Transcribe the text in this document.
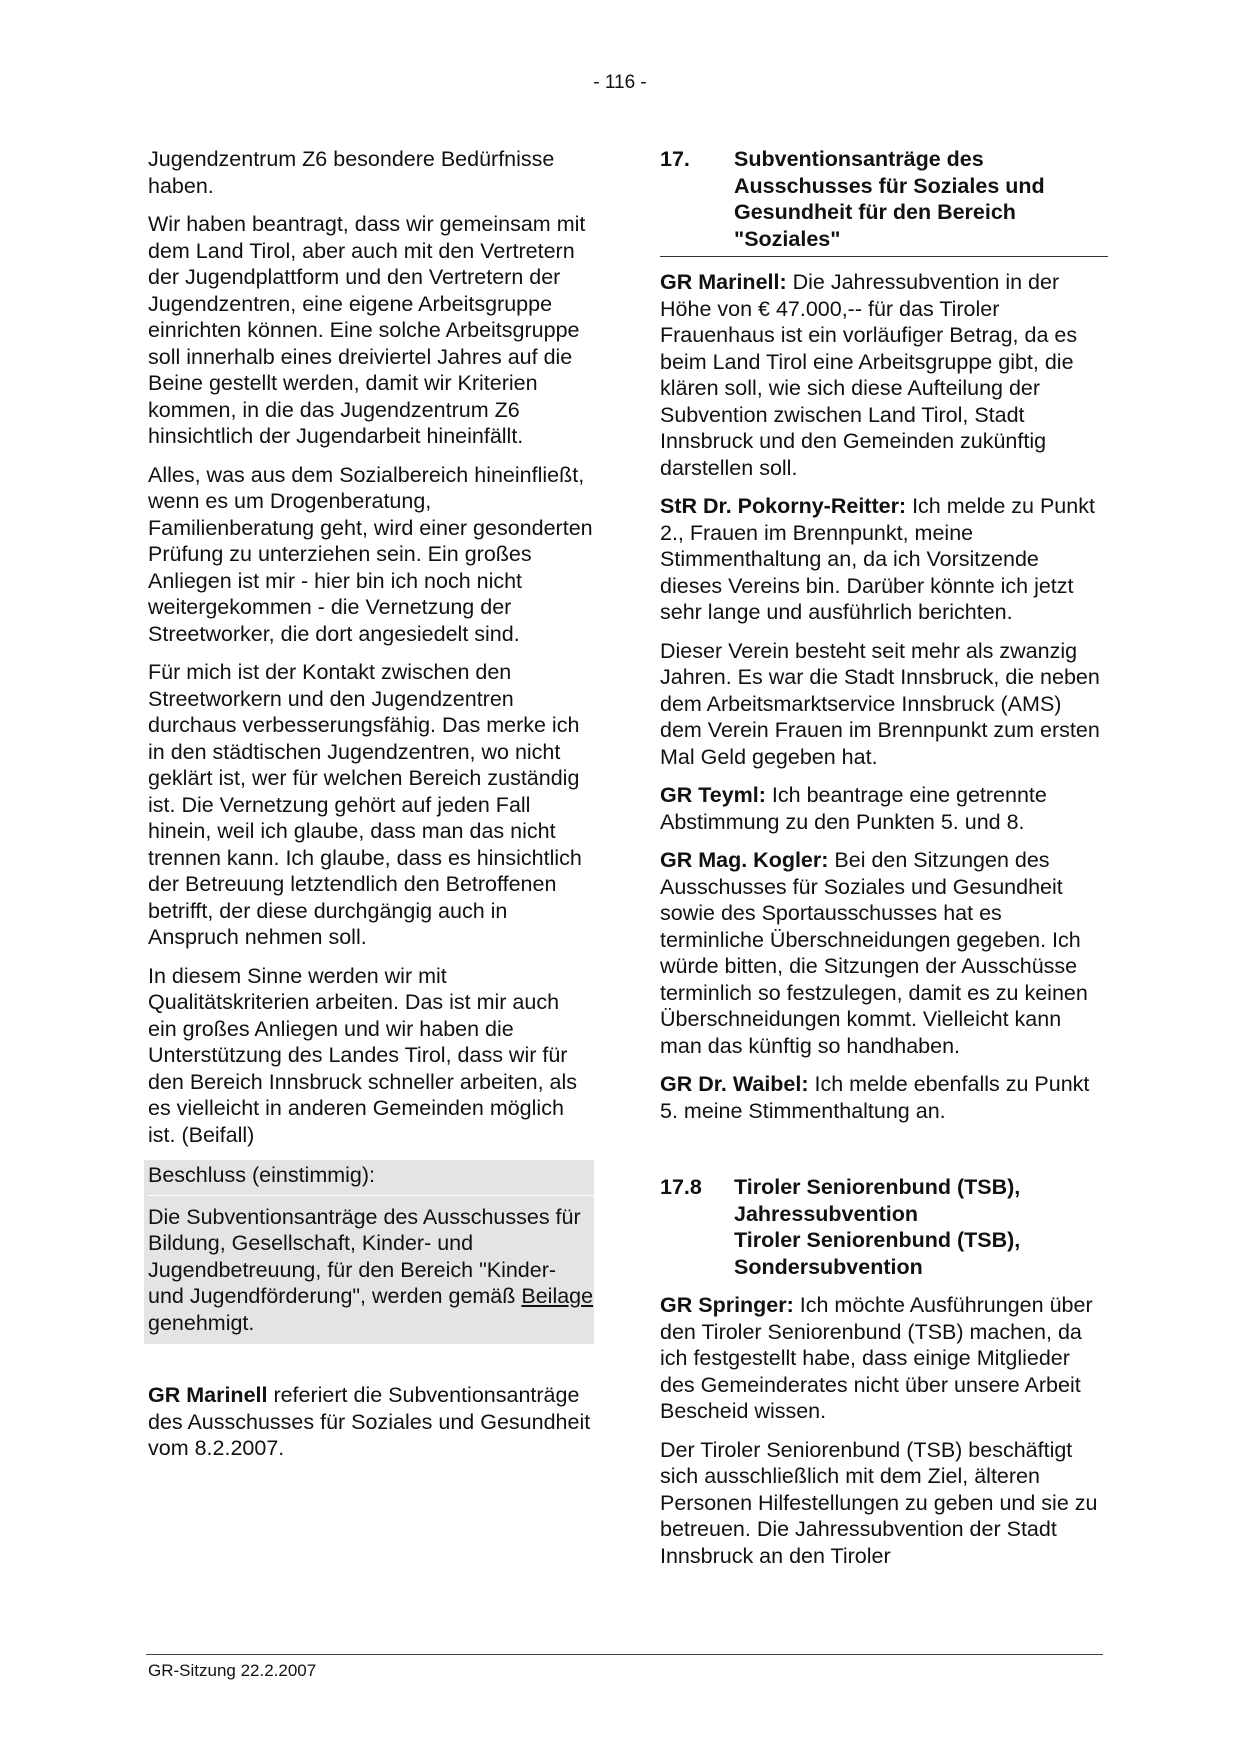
- 116 -

Jugendzentrum Z6 besondere Bedürfnisse haben.

Wir haben beantragt, dass wir gemeinsam mit dem Land Tirol, aber auch mit den Vertretern der Jugendplattform und den Vertretern der Jugendzentren, eine eigene Arbeitsgruppe einrichten können. Eine solche Arbeitsgruppe soll innerhalb eines dreiviertel Jahres auf die Beine gestellt werden, damit wir Kriterien kommen, in die das Jugendzentrum Z6 hinsichtlich der Jugendarbeit hineinfällt.

Alles, was aus dem Sozialbereich hineinfließt, wenn es um Drogenberatung, Familienberatung geht, wird einer gesonderten Prüfung zu unterziehen sein. Ein großes Anliegen ist mir - hier bin ich noch nicht weitergekommen - die Vernetzung der Streetworker, die dort angesiedelt sind.

Für mich ist der Kontakt zwischen den Streetworkern und den Jugendzentren durchaus verbesserungsfähig. Das merke ich in den städtischen Jugendzentren, wo nicht geklärt ist, wer für welchen Bereich zuständig ist. Die Vernetzung gehört auf jeden Fall hinein, weil ich glaube, dass man das nicht trennen kann. Ich glaube, dass es hinsichtlich der Betreuung letztendlich den Betroffenen betrifft, der diese durchgängig auch in Anspruch nehmen soll.

In diesem Sinne werden wir mit Qualitätskriterien arbeiten. Das ist mir auch ein großes Anliegen und wir haben die Unterstützung des Landes Tirol, dass wir für den Bereich Innsbruck schneller arbeiten, als es vielleicht in anderen Gemeinden möglich ist. (Beifall)

Beschluss (einstimmig):

Die Subventionsanträge des Ausschusses für Bildung, Gesellschaft, Kinder- und Jugendbetreuung, für den Bereich "Kinder- und Jugendförderung", werden gemäß Beilage genehmigt.

GR Marinell referiert die Subventionsanträge des Ausschusses für Soziales und Gesundheit vom 8.2.2007.

17.	Subventionsanträge des Ausschusses für Soziales und Gesundheit für den Bereich "Soziales"

GR Marinell: Die Jahressubvention in der Höhe von € 47.000,-- für das Tiroler Frauenhaus ist ein vorläufiger Betrag, da es beim Land Tirol eine Arbeitsgruppe gibt, die klären soll, wie sich diese Aufteilung der Subvention zwischen Land Tirol, Stadt Innsbruck und den Gemeinden zukünftig darstellen soll.

StR Dr. Pokorny-Reitter: Ich melde zu Punkt 2., Frauen im Brennpunkt, meine Stimmenthaltung an, da ich Vorsitzende dieses Vereins bin. Darüber könnte ich jetzt sehr lange und ausführlich berichten.

Dieser Verein besteht seit mehr als zwanzig Jahren. Es war die Stadt Innsbruck, die neben dem Arbeitsmarktservice Innsbruck (AMS) dem Verein Frauen im Brennpunkt zum ersten Mal Geld gegeben hat.

GR Teyml: Ich beantrage eine getrennte Abstimmung zu den Punkten 5. und 8.

GR Mag. Kogler: Bei den Sitzungen des Ausschusses für Soziales und Gesundheit sowie des Sportausschusses hat es terminliche Überschneidungen gegeben. Ich würde bitten, die Sitzungen der Ausschüsse terminlich so festzulegen, damit es zu keinen Überschneidungen kommt. Vielleicht kann man das künftig so handhaben.

GR Dr. Waibel: Ich melde ebenfalls zu Punkt 5. meine Stimmenthaltung an.

17.8	Tiroler Seniorenbund (TSB), Jahressubvention
Tiroler Seniorenbund (TSB), Sondersubvention

GR Springer: Ich möchte Ausführungen über den Tiroler Seniorenbund (TSB) machen, da ich festgestellt habe, dass einige Mitglieder des Gemeinderates nicht über unsere Arbeit Bescheid wissen.

Der Tiroler Seniorenbund (TSB) beschäftigt sich ausschließlich mit dem Ziel, älteren Personen Hilfestellungen zu geben und sie zu betreuen. Die Jahressubvention der Stadt Innsbruck an den Tiroler

GR-Sitzung 22.2.2007
